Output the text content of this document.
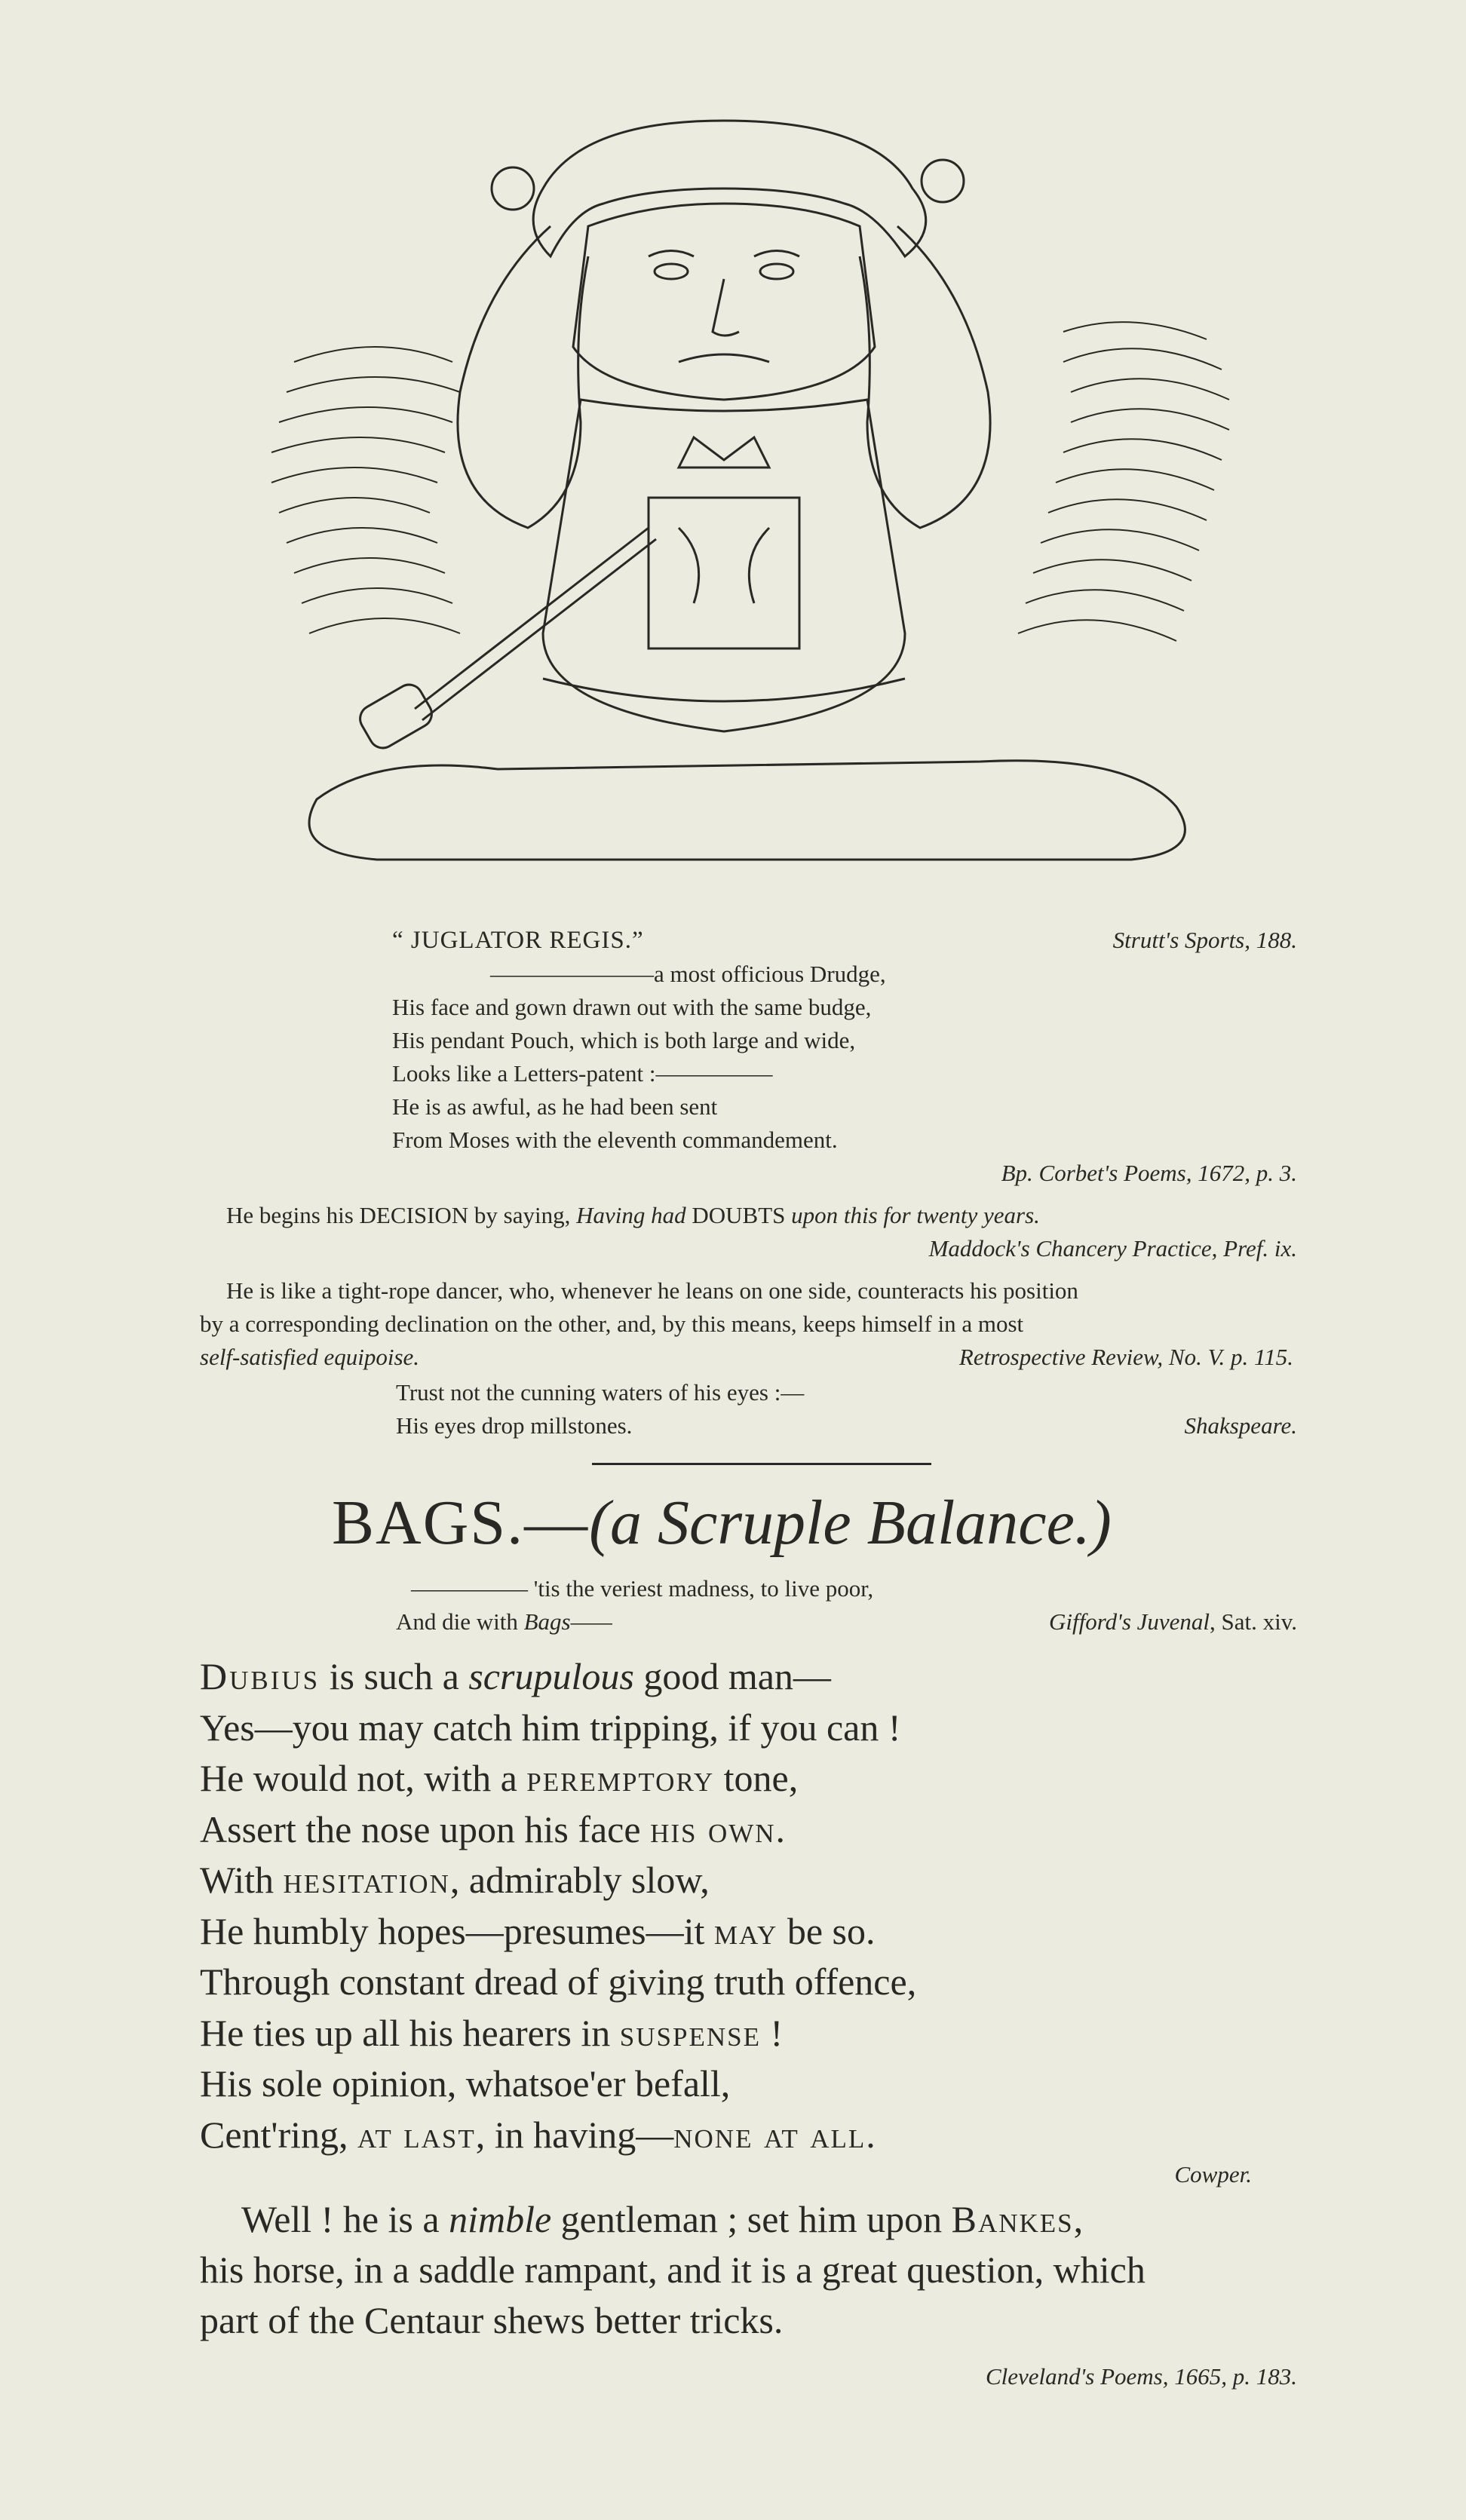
“ JUGLATOR REGIS.”	Strutt's Sports, 188.
———————a most officious Drudge,
His face and gown drawn out with the same budge,
His pendant Pouch, which is both large and wide,
Looks like a Letters-patent :—————
He is as awful, as he had been sent
From Moses with the eleventh commandement.
Bp. Corbet's Poems, 1672, p. 3.
He begins his DECISION by saying, Having had DOUBTS upon this for twenty years.
Maddock's Chancery Practice, Pref. ix.
He is like a tight-rope dancer, who, whenever he leans on one side, counteracts his position
by a corresponding declination on the other, and, by this means, keeps himself in a most
self-satisfied equipoise.	Retrospective Review, No. V. p. 115.
Trust not the cunning waters of his eyes :—
His eyes drop millstones.	Shakspeare.
BAGS.—(a Scruple Balance.)
————— 'tis the veriest madness, to live poor,
And die with Bags——	Gifford's Juvenal, Sat. xiv.
Dubius is such a scrupulous good man—
Yes—you may catch him tripping, if you can !
He would not, with a peremptory tone,
Assert the nose upon his face his own.
With hesitation, admirably slow,
He humbly hopes—presumes—it may be so.
Through constant dread of giving truth offence,
He ties up all his hearers in suspense !
His sole opinion, whatsoe'er befall,
Cent'ring, at last, in having—none at all.
Cowper.
Well ! he is a nimble gentleman ; set him upon Bankes,
his horse, in a saddle rampant, and it is a great question, which
part of the Centaur shews better tricks.
Cleveland's Poems, 1665, p. 183.
